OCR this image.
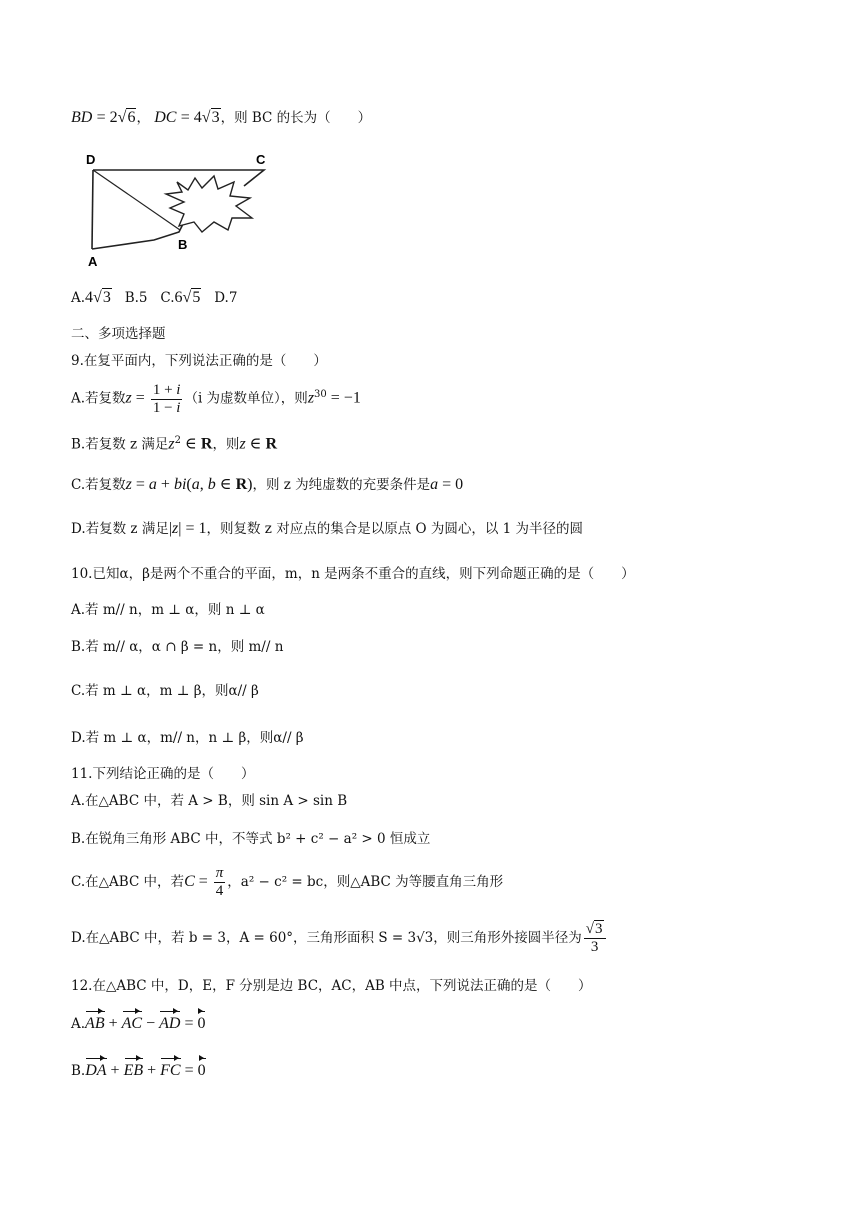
BD = 2√6， DC = 4√3，则 BC 的长为（　　）
D	C
A
B
A.4√3 B.5 C.6√5 D.7
二、多项选择题
9.在复平面内，下列说法正确的是（　　）
A.若复数$z = \frac{1 + i}{1 - i} (i$ 为虚数单位），则$z^{30} = -1$
B.若复数 z 满足$z^2$ ∈ R，则z ∈ R
C.若复数z = a + bi(a, b ∈ R)，则 z 为纯虚数的充要条件是a = 0
D.若复数 z 满足|z| = 1，则复数 z 对应点的集合是以原点 O 为圆心，以 1 为半径的圆
10.已知α，β是两个不重合的平面，m，n 是两条不重合的直线，则下列命题正确的是（　　）
A.若 m// n，m ⊥ α，则 n ⊥ α
B.若 m// α，α ∩ β = n，则 m// n
C.若 m ⊥ α，m ⊥ β，则α// β
D.若 m ⊥ α，m// n，n ⊥ β，则α// β
11.下列结论正确的是（　　）
A.在△ABC 中，若 A > B，则 sin A > sin B
B.在锐角三角形 ABC 中，不等式 b² + c² − a² > 0 恒成立
C.在△ABC 中，若$C = \frac{\pi}{4}$ ，a² − c² = bc，则△ABC 为等腰直角三角形
D.在△ABC 中，若 b = 3，A = 60°，三角形面积 S = 3√3，则三角形外接圆半径为 $\frac{√3}{3}$
12.在△ABC 中，D，E，F 分别是边 BC，AC，AB 中点，下列说法正确的是（　　）
A.AB + AC − AD = 0
B.DA + EB + FC = 0
